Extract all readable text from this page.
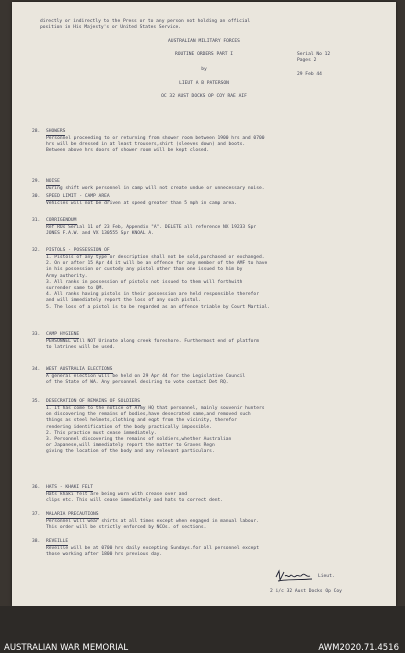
directly or indirectly to the Press or to any person not holding an official
position in His Majesty's or United States Service.
AUSTRALIAN MILITARY FORCES
ROUTINE ORDERS PART I	Serial No 12
Pages 2
by
29 Feb 44
LIEUT A B PATERSON
OC 32 AUST DOCKS OP COY RAE AIF
28. SHOWERS
Personnel proceeding to or returning from shower room between 1900 hrs and 0700
hrs will be dressed in at least trousers,shirt (sleeves down) and boots.
Between above hrs doors of shower room will be kept closed.
29. NOISE
During shift work personnel in camp will not create undue or unnecessary noise.
30. SPEED LIMIT - CAMP AREA
Vehicles will not be driven at speed greater than 5 mph in camp area.
31. CORRIGENDUM
Ref ROs Serial 11 of 23 Feb, Appendix "A". DELETE all reference NX 19233 Spr
JONES F.A.W. and VX 130555 Spr KNOAL A.
32. PISTOLS - POSSESSION OF
1. Pistols of any type or description shall not be sold,purchased or exchanged.
2. On or after 15 Apr 44 it will be an offence for any member of the AMF to have
in his possession or custody any pistol other than one issued to him by
Army authority.
3. All ranks in possession of pistols not issued to them will forthwith
surrender same to QM.
4. All ranks having pistols in their possession are held responsible therefor
and will immediately report the loss of any such pistol.
5. The loss of a pistol is to be regarded as an offence triable by Court Martial.
33. CAMP HYGIENE
PERSONNEL will NOT Urinate along creek foreshore. Furthermost end of platform
to latrines will be used.
34. WEST AUSTRALIA ELECTIONS
A general election will be held on 29 Apr 44 for the Legislative Council
of the State of WA. Any personnel desiring to vote contact Det RQ.
35. DESECRATION OF REMAINS OF SOLDIERS
1. It has come to the notice of Army HQ that personnel, mainly souvenir hunters
on discovering the remains of bodies,have desecrated same,and removed such
things as steel helmets,clothing and eqpt from the vicinity, therefor
rendering identification of the body practically impossible.
2. This practice must cease immediately.
3. Personnel discovering the remains of soldiers,whether Australian
or Japanese,will immediately report the matter to Graves Regn
giving the location of the body and any relevant particulars.
36. HATS - KHAKI FELT
Hats khaki felt are being worn with crease over and
clips etc. This will cease immediately and hats to correct dent.
37. MALARIA PRECAUTIONS
Personnel will wear shirts at all times except when engaged in manual labour.
This order will be strictly enforced by NCOs. of sections.
38. REVEILLE
Reveille will be at 0700 hrs daily excepting Sundays.for all personnel except
those working after 1800 hrs previous day.
Lieut.
2 i/c 32 Aust Docks Op Coy
AUSTRALIAN WAR MEMORIAL	AWM2020.71.4516
